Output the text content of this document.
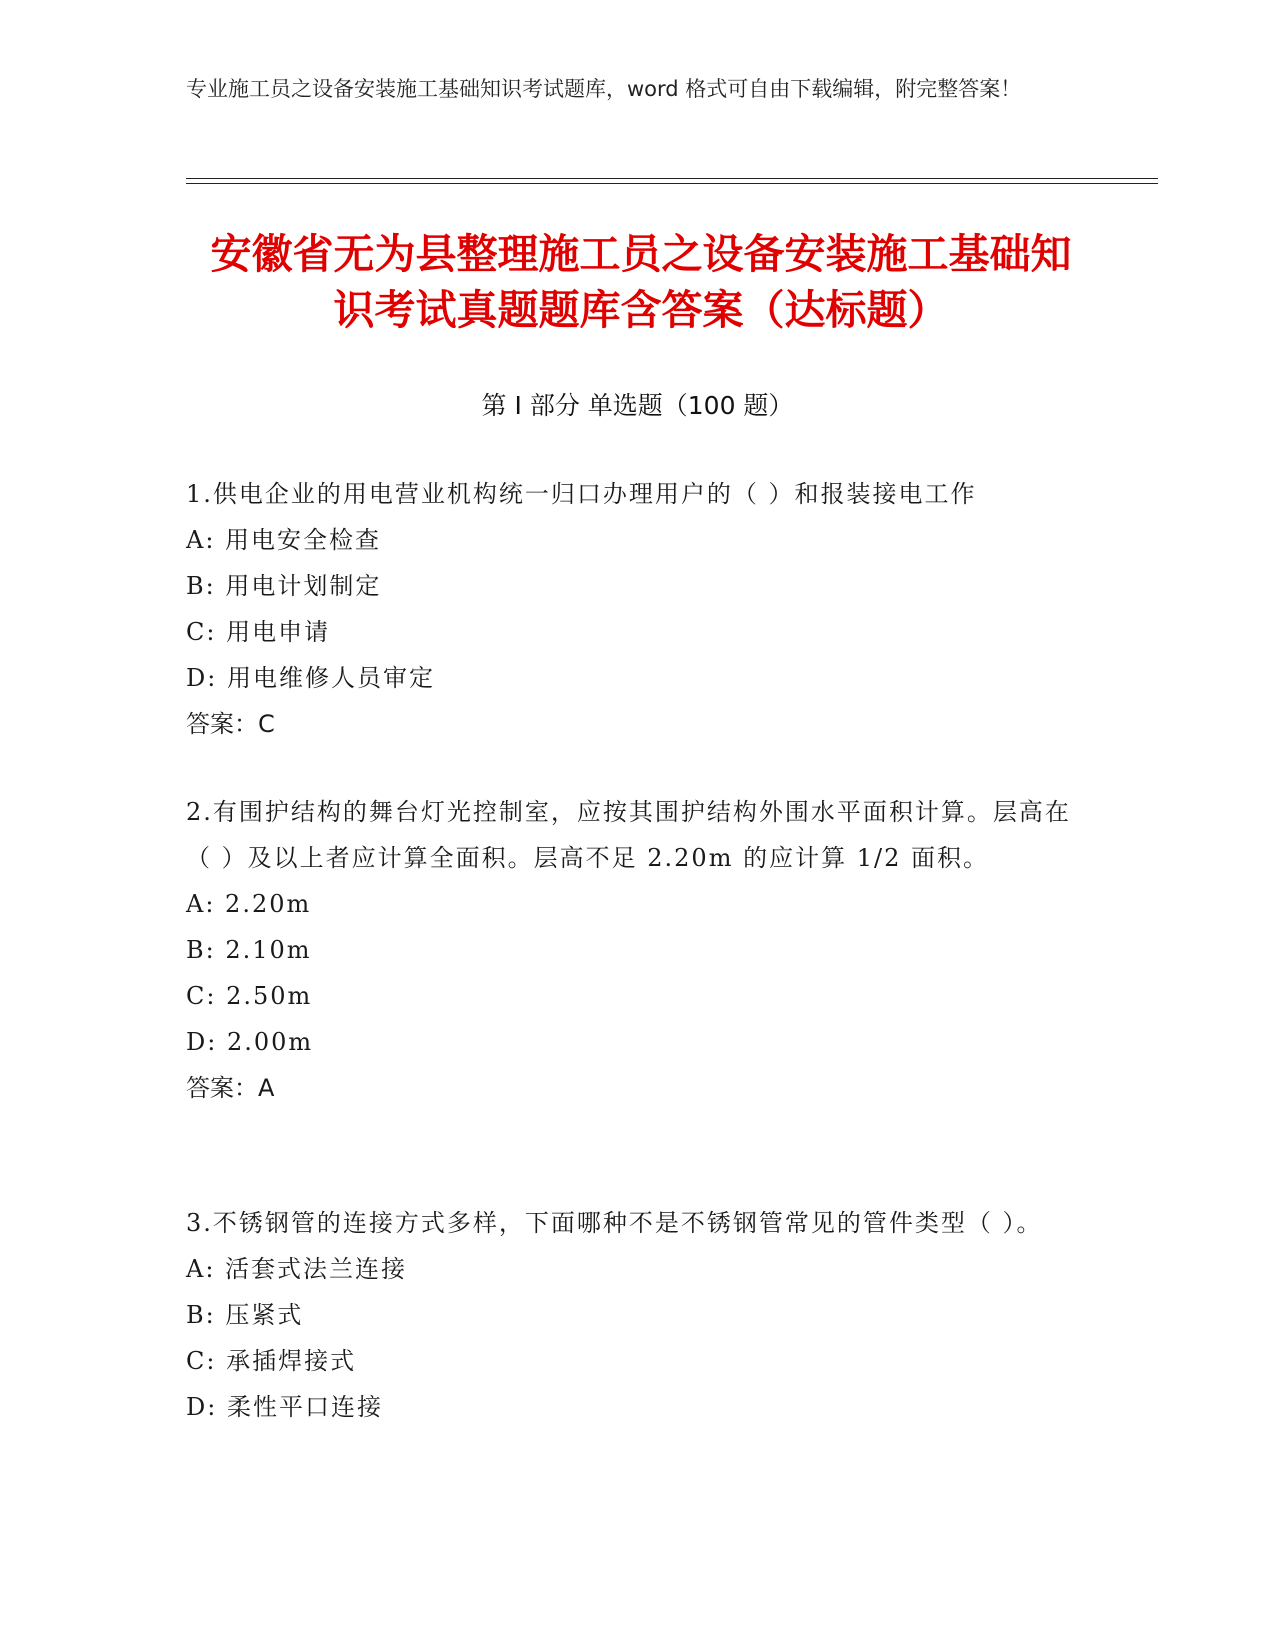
专业施工员之设备安装施工基础知识考试题库，word 格式可自由下载编辑，附完整答案！
安徽省无为县整理施工员之设备安装施工基础知识考试真题题库含答案（达标题）
第 I 部分 单选题（100 题）
1.供电企业的用电营业机构统一归口办理用户的（ ）和报装接电工作
A: 用电安全检查
B: 用电计划制定
C: 用电申请
D: 用电维修人员审定
答案：C
2.有围护结构的舞台灯光控制室，应按其围护结构外围水平面积计算。层高在（ ）及以上者应计算全面积。层高不足 2.20m 的应计算 1/2 面积。
A: 2.20m
B: 2.10m
C: 2.50m
D: 2.00m
答案：A
3.不锈钢管的连接方式多样，下面哪种不是不锈钢管常见的管件类型（ ）。
A: 活套式法兰连接
B: 压紧式
C: 承插焊接式
D: 柔性平口连接
